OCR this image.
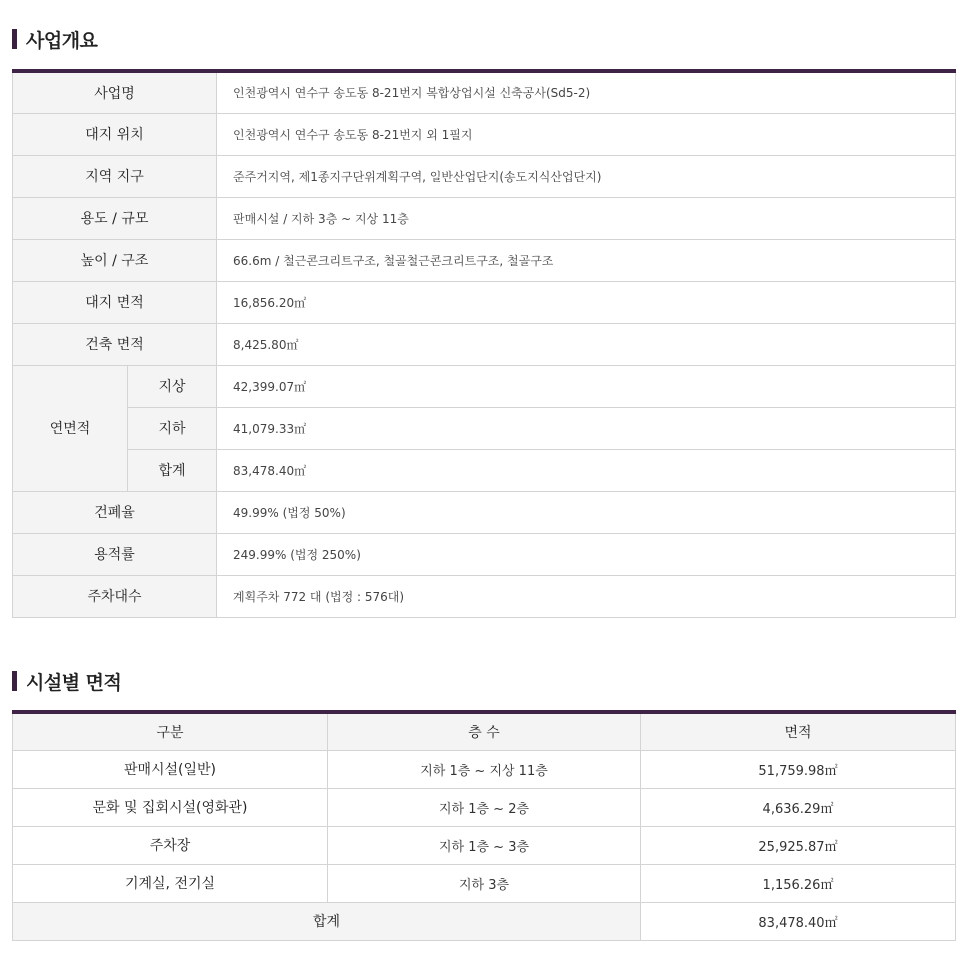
사업개요
사업명		인천광역시 연수구 송도동 8-21번지 복합상업시설 신축공사(Sd5-2)
대지 위치		인천광역시 연수구 송도동 8-21번지 외 1필지
지역 지구		준주거지역, 제1종지구단위계획구역, 일반산업단지(송도지식산업단지)
용도 / 규모		판매시설 / 지하 3층 ~ 지상 11층
높이 / 구조		66.6m / 철근콘크리트구조, 철골철근콘크리트구조, 철골구조
대지 면적		16,856.20㎡
건축 면적		8,425.80㎡
연면적	지상	42,399.07㎡
	지하	41,079.33㎡
	합계	83,478.40㎡
건폐율		49.99% (법정 50%)
용적률		249.99% (법정 250%)
주차대수		계획주차 772 대 (법정 : 576대)
시설별 면적
구분	층 수	면적
판매시설(일반)	지하 1층 ~ 지상 11층	51,759.98㎡
문화 및 집회시설(영화관)	지하 1층 ~ 2층	4,636.29㎡
주차장	지하 1층 ~ 3층	25,925.87㎡
기계실, 전기실	지하 3층	1,156.26㎡
합계		83,478.40㎡
